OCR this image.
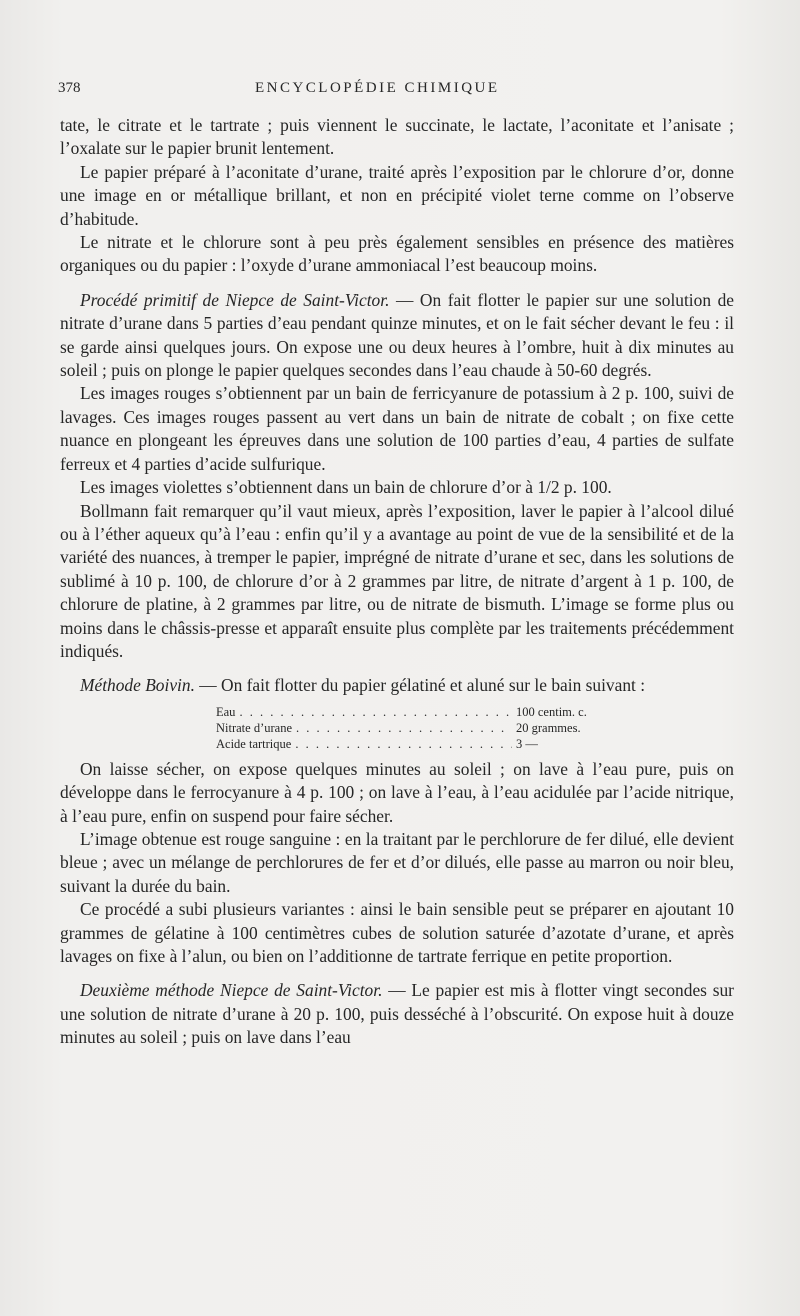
378	ENCYCLOPÉDIE CHIMIQUE

tate, le citrate et le tartrate ; puis viennent le succinate, le lactate, l’aconitate et l’anisate ; l’oxalate sur le papier brunit lentement.

Le papier préparé à l’aconitate d’urane, traité après l’exposition par le chlorure d’or, donne une image en or métallique brillant, et non en précipité violet terne comme on l’observe d’habitude.

Le nitrate et le chlorure sont à peu près également sensibles en présence des matières organiques ou du papier : l’oxyde d’urane ammoniacal l’est beaucoup moins.

Procédé primitif de Niepce de Saint-Victor. — On fait flotter le papier sur une solution de nitrate d’urane dans 5 parties d’eau pendant quinze minutes, et on le fait sécher devant le feu : il se garde ainsi quelques jours. On expose une ou deux heures à l’ombre, huit à dix minutes au soleil ; puis on plonge le papier quelques secondes dans l’eau chaude à 50-60 degrés.

Les images rouges s’obtiennent par un bain de ferricyanure de potassium à 2 p. 100, suivi de lavages. Ces images rouges passent au vert dans un bain de nitrate de cobalt ; on fixe cette nuance en plongeant les épreuves dans une solution de 100 parties d’eau, 4 parties de sulfate ferreux et 4 parties d’acide sulfurique.

Les images violettes s’obtiennent dans un bain de chlorure d’or à 1/2 p. 100.

Bollmann fait remarquer qu’il vaut mieux, après l’exposition, laver le papier à l’alcool dilué ou à l’éther aqueux qu’à l’eau : enfin qu’il y a avantage au point de vue de la sensibilité et de la variété des nuances, à tremper le papier, imprégné de nitrate d’urane et sec, dans les solutions de sublimé à 10 p. 100, de chlorure d’or à 2 grammes par litre, de nitrate d’argent à 1 p. 100, de chlorure de platine, à 2 grammes par litre, ou de nitrate de bismuth. L’image se forme plus ou moins dans le châssis-presse et apparaît ensuite plus complète par les traitements précédemment indiqués.

Méthode Boivin. — On fait flotter du papier gélatiné et aluné sur le bain suivant :

Eau . . .	100 centim. c.
Nitrate d’urane . . .	20 grammes.
Acide tartrique . . .	3 —

On laisse sécher, on expose quelques minutes au soleil ; on lave à l’eau pure, puis on développe dans le ferrocyanure à 4 p. 100 ; on lave à l’eau, à l’eau acidulée par l’acide nitrique, à l’eau pure, enfin on suspend pour faire sécher.

L’image obtenue est rouge sanguine : en la traitant par le perchlorure de fer dilué, elle devient bleue ; avec un mélange de perchlorures de fer et d’or dilués, elle passe au marron ou noir bleu, suivant la durée du bain.

Ce procédé a subi plusieurs variantes : ainsi le bain sensible peut se préparer en ajoutant 10 grammes de gélatine à 100 centimètres cubes de solution saturée d’azotate d’urane, et après lavages on fixe à l’alun, ou bien on l’additionne de tartrate ferrique en petite proportion.

Deuxième méthode Niepce de Saint-Victor. — Le papier est mis à flotter vingt secondes sur une solution de nitrate d’urane à 20 p. 100, puis desséché à l’obscurité. On expose huit à douze minutes au soleil ; puis on lave dans l’eau
